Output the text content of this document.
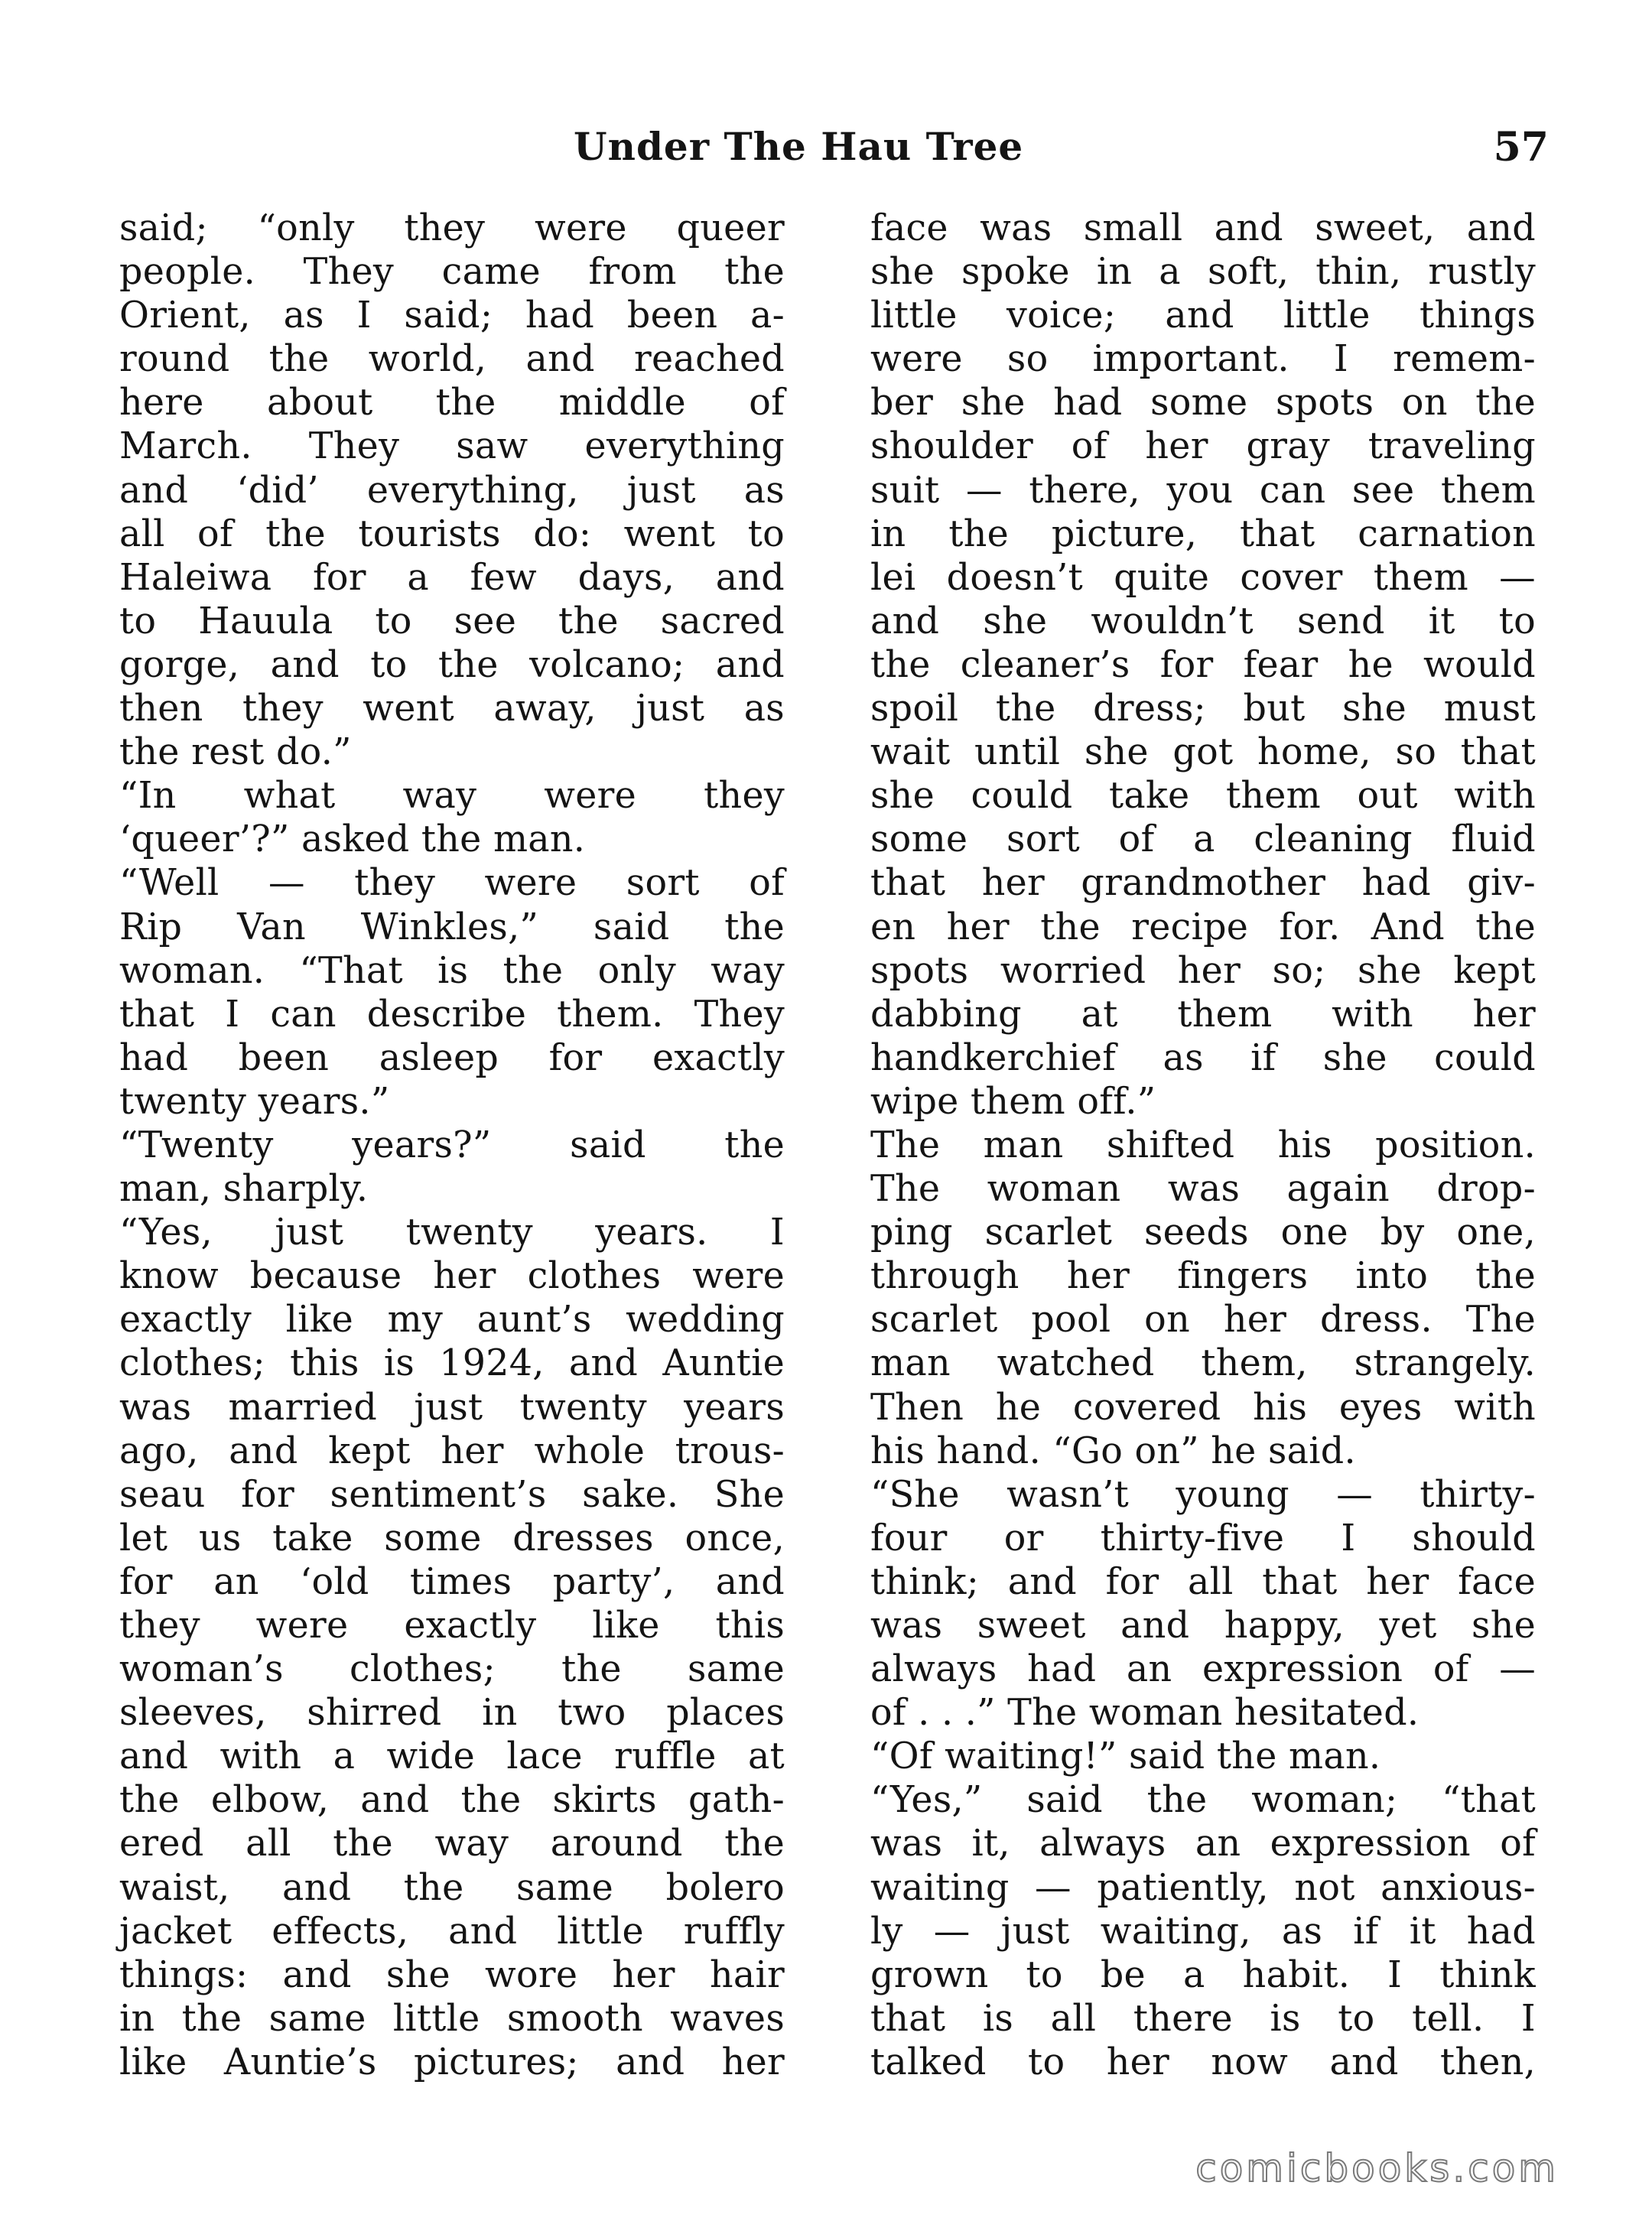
Under The Hau Tree	57
said; “only they were queer
people. They came from the
Orient, as I said; had been a-
round the world, and reached
here about the middle of
March. They saw everything
and ‘did’ everything, just as
all of the tourists do: went to
Haleiwa for a few days, and
to Hauula to see the sacred
gorge, and to the volcano; and
then they went away, just as
the rest do.”
“In what way were they
‘queer’?” asked the man.
“Well — they were sort of
Rip Van Winkles,” said the
woman. “That is the only way
that I can describe them. They
had been asleep for exactly
twenty years.”
“Twenty years?” said the
man, sharply.
“Yes, just twenty years. I
know because her clothes were
exactly like my aunt’s wedding
clothes; this is 1924, and Auntie
was married just twenty years
ago, and kept her whole trous-
seau for sentiment’s sake. She
let us take some dresses once,
for an ‘old times party’, and
they were exactly like this
woman’s clothes; the same
sleeves, shirred in two places
and with a wide lace ruffle at
the elbow, and the skirts gath-
ered all the way around the
waist, and the same bolero
jacket effects, and little ruffly
things: and she wore her hair
in the same little smooth waves
like Auntie’s pictures; and her
face was small and sweet, and
she spoke in a soft, thin, rustly
little voice; and little things
were so important. I remem-
ber she had some spots on the
shoulder of her gray traveling
suit — there, you can see them
in the picture, that carnation
lei doesn’t quite cover them —
and she wouldn’t send it to
the cleaner’s for fear he would
spoil the dress; but she must
wait until she got home, so that
she could take them out with
some sort of a cleaning fluid
that her grandmother had giv-
en her the recipe for. And the
spots worried her so; she kept
dabbing at them with her
handkerchief as if she could
wipe them off.”
The man shifted his position.
The woman was again drop-
ping scarlet seeds one by one,
through her fingers into the
scarlet pool on her dress. The
man watched them, strangely.
Then he covered his eyes with
his hand. “Go on” he said.
“She wasn’t young — thirty-
four or thirty-five I should
think; and for all that her face
was sweet and happy, yet she
always had an expression of —
of . . .” The woman hesitated.
“Of waiting!” said the man.
“Yes,” said the woman; “that
was it, always an expression of
waiting — patiently, not anxious-
ly — just waiting, as if it had
grown to be a habit. I think
that is all there is to tell. I
talked to her now and then,
comicbooks.com
